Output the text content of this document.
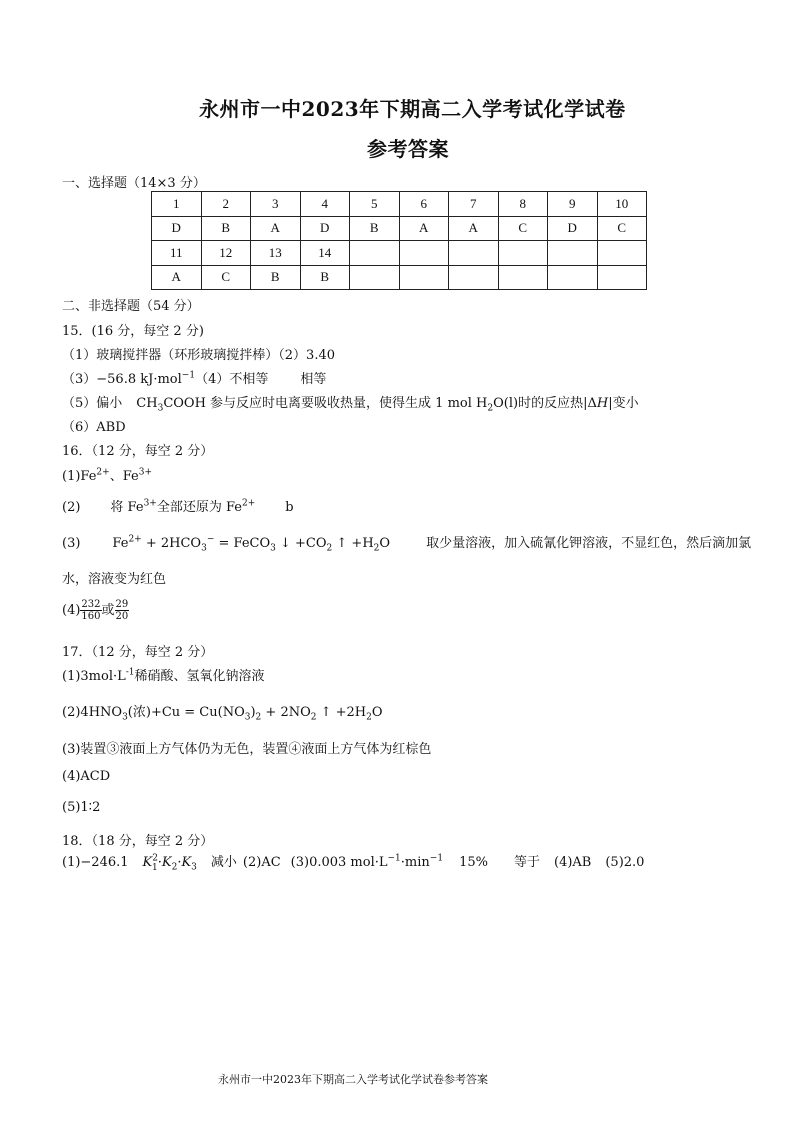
永州市一中2023年下期高二入学考试化学试卷
参考答案
一、选择题（14×3 分）
1	2	3	4	5	6	7	8	9	10
D	B	A	D	B	A	A	C	D	C
11	12	13	14						
A	C	B	B						
二、非选择题（54 分）
15．(16 分，每空 2 分)
（1）玻璃搅拌器（环形玻璃搅拌棒）（2）3.40
（3）−56.8 kJ·mol$^{-1}$（4）不相等 相等
（5）偏小 $CH_3COOH$ 参与反应时电离要吸收热量，使得生成 1 mol $H_2O(l)$时的反应热|ΔH|变小
（6）ABD
16．（12 分，每空 2 分）
$(1)Fe^{2+}$、$Fe^{3+}$
(2) 将 $Fe^{3+}$全部还原为 $Fe^{2+}$ b
(3) $Fe^{2+} + 2HCO_3^-$ = FeCO$_3$ ↓ $+CO_2$ ↑ $+H_2O$	取少量溶液，加入硫氰化钾溶液，不显红色，然后滴加氯
水，溶液变为红色
$(4) \frac{232}{160}$ 或 $\frac{29}{20}$
17．（12 分，每空 2 分）
$(1)3mol\cdot L^{-1}$稀硝酸、氢氧化钠溶液
$(2)4HNO_3$(浓)$+Cu = Cu(NO_3)_2 + 2NO_2$ ↑ $+2H_2O$
(3)装置③液面上方气体仍为无色，装置④液面上方气体为红棕色
(4)ACD
(5)1∶2
18．（18 分，每空 2 分）
(1)−246.1 $K^2_1\cdot K_2\cdot K_3$ 减小 (2)AC (3)0.003 $mol\cdot L^{-1}\cdot\min^{-1}$ 15% 等于 (4)AB (5)2.0
永州市一中2023年下期高二入学考试化学试卷参考答案
